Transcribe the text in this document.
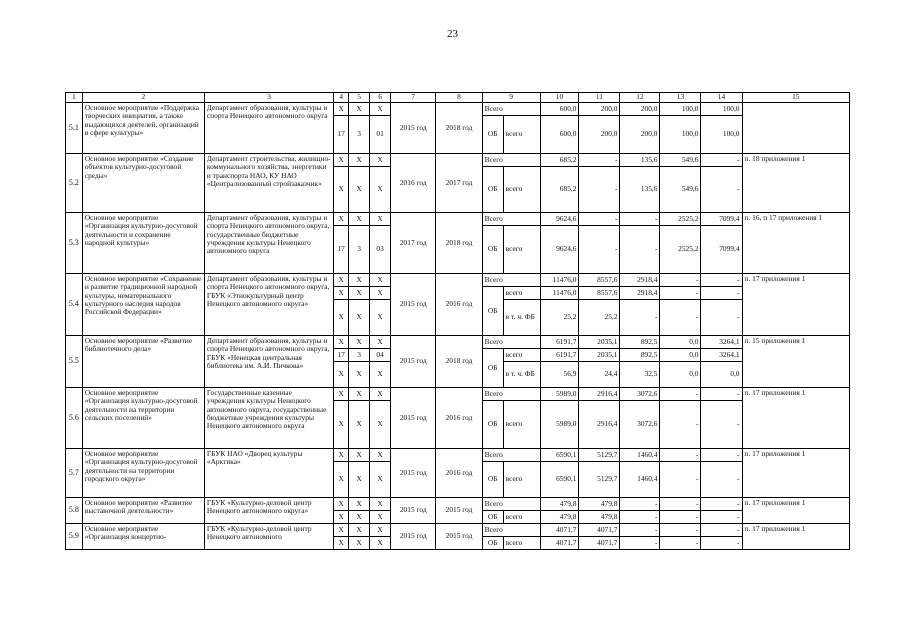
23
1	2	3	4	5	6	7	8	9		10	11	12	13	14	15
5.1	Основное мероприятие «Поддержка творческих инициатив, а также выдающихся деятелей, организаций в сфере культуры»	Департамент образования, культуры и спорта Ненецкого автономного округа	X	X	X	2015 год	2018 год	Всего		600,0	200,0	200,0	100,0	100,0	
			17	3	01			ОБ	всего	600,0	200,0	200,0	100,0	100,0	
5.2	Основное мероприятие «Создание объектов культурно-досуговой среды»	Департамент строительства, жилищно-коммунального хозяйства, энергетики и транспорта НАО, КУ НАО «Централизованный стройзаказчик»	X	X	X	2016 год	2017 год	Всего		685,2	-	135,6	549,6	-	п. 18 приложения 1
			X	X	X			ОБ	всего	685,2	-	135,6	549,6	-	
5.3	Основное мероприятие «Организация культурно-досуговой деятельности и сохранение народной культуры»	Департамент образования, культуры и спорта Ненецкого автономного округа, государственные бюджетные учреждения культуры Ненецкого автономного округа	X	X	X	2017 год	2018 год	Всего		9624,6	-	-	2525,2	7099,4	п. 16, п 17 приложения 1
			17	3	03			ОБ	всего	9624,6	-	-	2525,2	7099,4	
5.4	Основное мероприятие «Сохранение и развитие традиционной народной культуры, нематериального культурного наследия народов Российской Федерации»	Департамент образования, культуры и спорта Ненецкого автономного округа, ГБУК «Этнокультурный центр Ненецкого автономного округа»	X	X	X	2015 год	2016 год	Всего		11476,0	8557,6	2918,4	-	-	п. 17 приложения 1
			X	X	X			ОБ	всего	11476,0	8557,6	2918,4	-	-	
			X	X	X				в т. ч. ФБ	25,2	25,2	-	-	-	
5.5	Основное мероприятие «Развитие библиотечного дела»	Департамент образования, культуры и спорта Ненецкого автономного округа, ГБУК «Ненецкая центральная библиотека им. А.И. Пичкова»	X	X	X	2015 год	2018 год	Всего		6191,7	2035,1	892,5	0,0	3264,1	п. 15 приложения 1
			17	3	04			ОБ	всего	6191,7	2035,1	892,5	0,0	3264,1	
			X	X	X				в т. ч. ФБ	56,9	24,4	32,5	0,0	0,0	
5.6	Основное мероприятие «Организация культурно-досуговой деятельности на территории сельских поселений»	Государственные казенные учреждения культуры Ненецкого автономного округа, государственные бюджетные учреждения культуры Ненецкого автономного округа	X	X	X	2015 год	2016 год	Всего		5989,0	2916,4	3072,6	-	-	п. 17 приложения 1
			X	X	X			ОБ	всего	5989,0	2916,4	3072,6	-	-	
5.7	Основное мероприятие «Организация культурно-досуговой деятельности на территории городского округа»	ГБУК НАО «Дворец культуры «Арктика»	X	X	X	2015 год	2016 год	Всего		6590,1	5129,7	1460,4	-	-	п. 17 приложения 1
			X	X	X			ОБ	всего	6590,1	5129,7	1460,4	-	-	
5.8	Основное мероприятие «Развитие выставочной деятельности»	ГБУК «Культурно-деловой центр Ненецкого автономного округа»	X	X	X	2015 год	2015 год	Всего		479,8	479,8	-	-	-	п. 17 приложения 1
			X	X	X			ОБ	всего	479,8	479,8	-	-	-	
5.9	Основное мероприятие «Организация концертно-	ГБУК «Культурно-деловой центр Ненецкого автономного	X	X	X	2015 год	2015 год	Всего		4071,7	4071,7	-	-	-	п. 17 приложения 1
			X	X	X			ОБ	всего	4071,7	4071,7	-	-	-	
